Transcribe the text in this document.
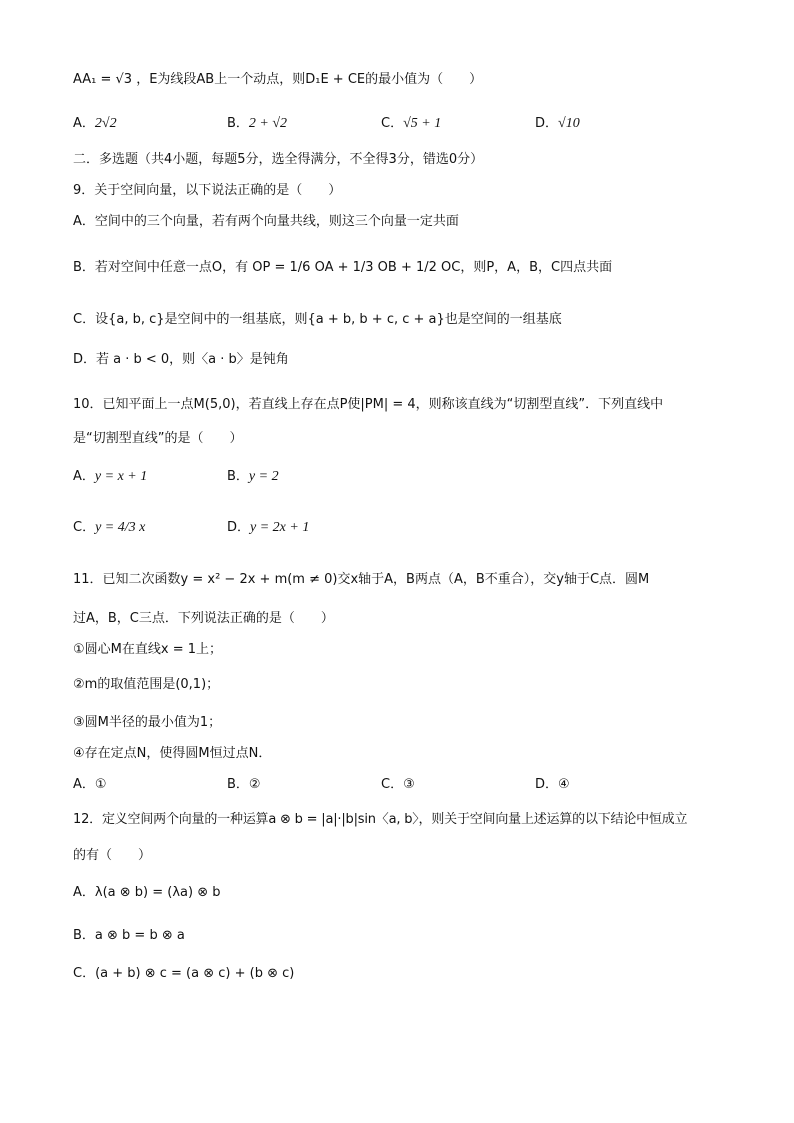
AA₁ = √3 ，E为线段AB上一个动点，则D₁E + CE的最小值为（　　）
A．2√2	B．2 + √2	C．√5 + 1	D．√10
二．多选题（共4小题，每题5分，选全得满分，不全得3分，错选0分）
9．关于空间向量，以下说法正确的是（　　）
A．空间中的三个向量，若有两个向量共线，则这三个向量一定共面
B．若对空间中任意一点O，有 OP = 1/6 OA + 1/3 OB + 1/2 OC，则P，A，B，C四点共面
C．设{a, b, c}是空间中的一组基底，则{a + b, b + c, c + a}也是空间的一组基底
D．若 a · b < 0，则〈a · b〉是钝角
10．已知平面上一点M(5,0)，若直线上存在点P使|PM| = 4，则称该直线为“切割型直线”．下列直线中
是“切割型直线”的是（　　）
A．y = x + 1	B．y = 2
C．y = 4/3 x	D．y = 2x + 1
11．已知二次函数y = x² − 2x + m(m ≠ 0)交x轴于A，B两点（A，B不重合），交y轴于C点．圆M
过A，B，C三点．下列说法正确的是（　　）
①圆心M在直线x = 1上；
②m的取值范围是(0,1)；
③圆M半径的最小值为1；
④存在定点N，使得圆M恒过点N．
A．①	B．②	C．③	D．④
12．定义空间两个向量的一种运算a ⊗ b = |a|·|b|sin〈a, b〉，则关于空间向量上述运算的以下结论中恒成立
的有（　　）
A．λ(a ⊗ b) = (λa) ⊗ b
B．a ⊗ b = b ⊗ a
C．(a + b) ⊗ c = (a ⊗ c) + (b ⊗ c)
